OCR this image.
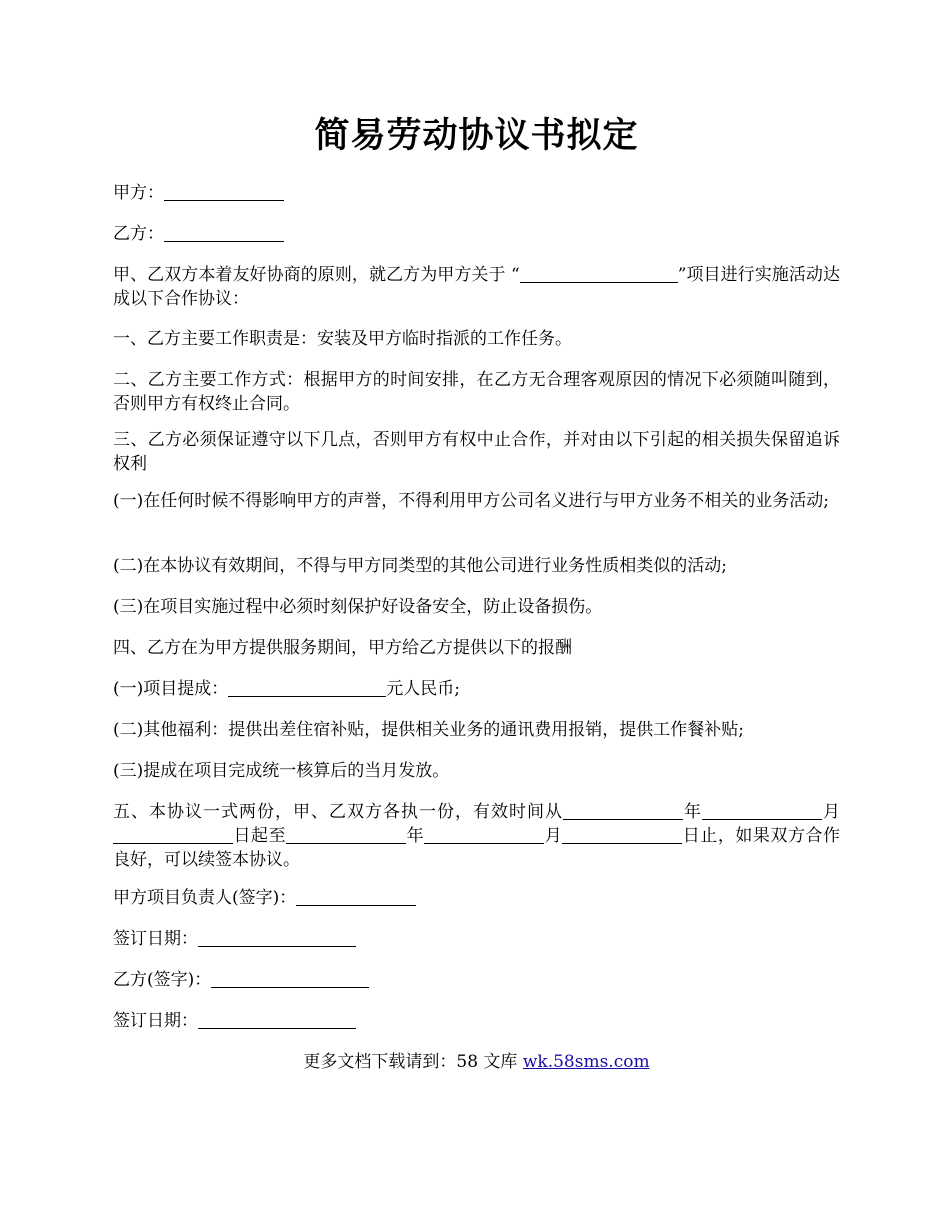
简易劳动协议书拟定
甲方：
乙方：
甲、乙双方本着友好协商的原则，就乙方为甲方关于 “	”项目进行实施活动达成以下合作协议：
一、乙方主要工作职责是：安装及甲方临时指派的工作任务。
二、乙方主要工作方式：根据甲方的时间安排，在乙方无合理客观原因的情况下必须随叫随到，否则甲方有权终止合同。
三、乙方必须保证遵守以下几点，否则甲方有权中止合作，并对由以下引起的相关损失保留追诉权利
(一)在任何时候不得影响甲方的声誉，不得利用甲方公司名义进行与甲方业务不相关的业务活动;
(二)在本协议有效期间，不得与甲方同类型的其他公司进行业务性质相类似的活动;
(三)在项目实施过程中必须时刻保护好设备安全，防止设备损伤。
四、乙方在为甲方提供服务期间，甲方给乙方提供以下的报酬
(一)项目提成：	元人民币;
(二)其他福利：提供出差住宿补贴，提供相关业务的通讯费用报销，提供工作餐补贴;
(三)提成在项目完成统一核算后的当月发放。
五、本协议一式两份，甲、乙双方各执一份，有效时间从	年	月日起至	年	月	日止，如果双方合作良好，可以续签本协议。
甲方项目负责人(签字)：
签订日期：
乙方(签字)：
签订日期：
更多文档下载请到：58 文库 wk.58sms.com
